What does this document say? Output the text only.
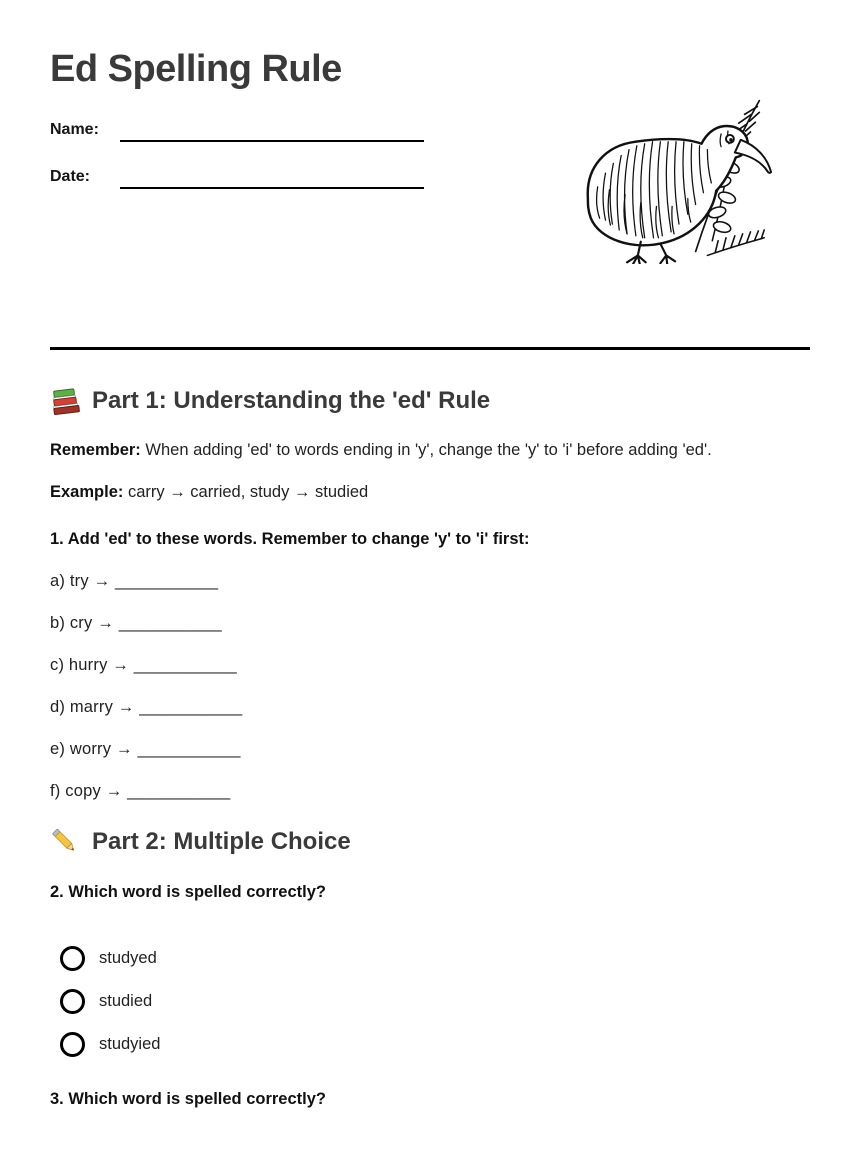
Ed Spelling Rule
Name:
Date:
Part 1: Understanding the 'ed' Rule

Remember: When adding 'ed' to words ending in 'y', change the 'y' to 'i' before adding 'ed'.

Example: carry → carried, study → studied

1. Add 'ed' to these words. Remember to change 'y' to 'i' first:

a) try → ___________

b) cry → ___________

c) hurry → ___________

d) marry → ___________

e) worry → ___________

f) copy → ___________

Part 2: Multiple Choice

2. Which word is spelled correctly?

studyed
studied
studyied

3. Which word is spelled correctly?
